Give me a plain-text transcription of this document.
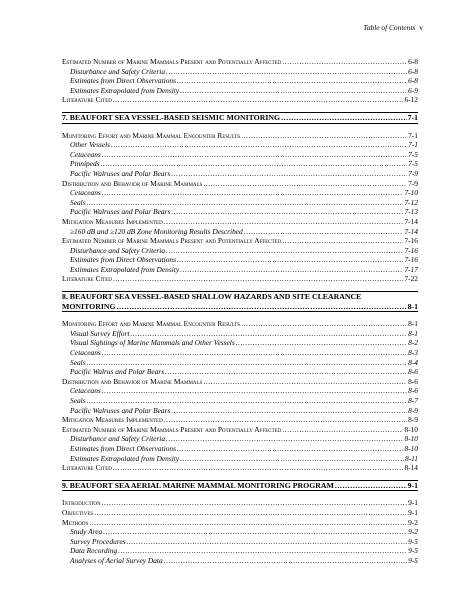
Table of Contents v
Estimated Number of Marine Mammals Present and Potentially Affected .....	6-8
Disturbance and Safety Criteria .....	6-8
Estimates from Direct Observations .....	6-8
Estimates Extrapolated from Density .....	6-9
Literature Cited .....	6-12
7. BEAUFORT SEA VESSEL-BASED SEISMIC MONITORING .....	7-1
Monitoring Effort and Marine Mammal Encounter Results .....	7-1
Other Vessels .....	7-1
Cetaceans .....	7-5
Pinnipeds .....	7-5
Pacific Walruses and Polar Bears .....	7-9
Distribution and Behavior of Marine Mammals .....	7-9
Cetaceans .....	7-10
Seals .....	7-12
Pacific Walruses and Polar Bears .....	7-13
Mitigation Measures Implemented .....	7-14
≥160 dB and ≥120 dB Zone Monitoring Results Described .....	7-14
Estimated Number of Marine Mammals Present and Potentially Affected .....	7-16
Disturbance and Safety Criteria .....	7-16
Estimates from Direct Observations .....	7-16
Estimates Extrapolated from Density .....	7-17
Literature Cited .....	7-22
8. BEAUFORT SEA VESSEL-BASED SHALLOW HAZARDS AND SITE CLEARANCE
MONITORING .....	8-1
Monitoring Effort and Marine Mammal Encounter Results .....	8-1
Visual Survey Effort .....	8-1
Visual Sightings of Marine Mammals and Other Vessels .....	8-2
Cetaceans .....	8-3
Seals .....	8-4
Pacific Walrus and Polar Bears .....	8-6
Distribution and Behavior of Marine Mammals .....	8-6
Cetaceans .....	8-6
Seals .....	8-7
Pacific Walruses and Polar Bears .....	8-9
Mitigation Measures Implemented .....	8-9
Estimated Number of Marine Mammals Present and Potentially Affected .....	8-10
Disturbance and Safety Criteria .....	8-10
Estimates from Direct Observations .....	8-10
Estimates Extrapolated from Density .....	8-11
Literature Cited .....	8-14
9. BEAUFORT SEA AERIAL MARINE MAMMAL MONITORING PROGRAM .....	9-1
Introduction .....	9-1
Objectives .....	9-1
Methods .....	9-2
Study Area .....	9-2
Survey Procedures .....	9-5
Data Recording .....	9-5
Analyses of Aerial Survey Data .....	9-5
